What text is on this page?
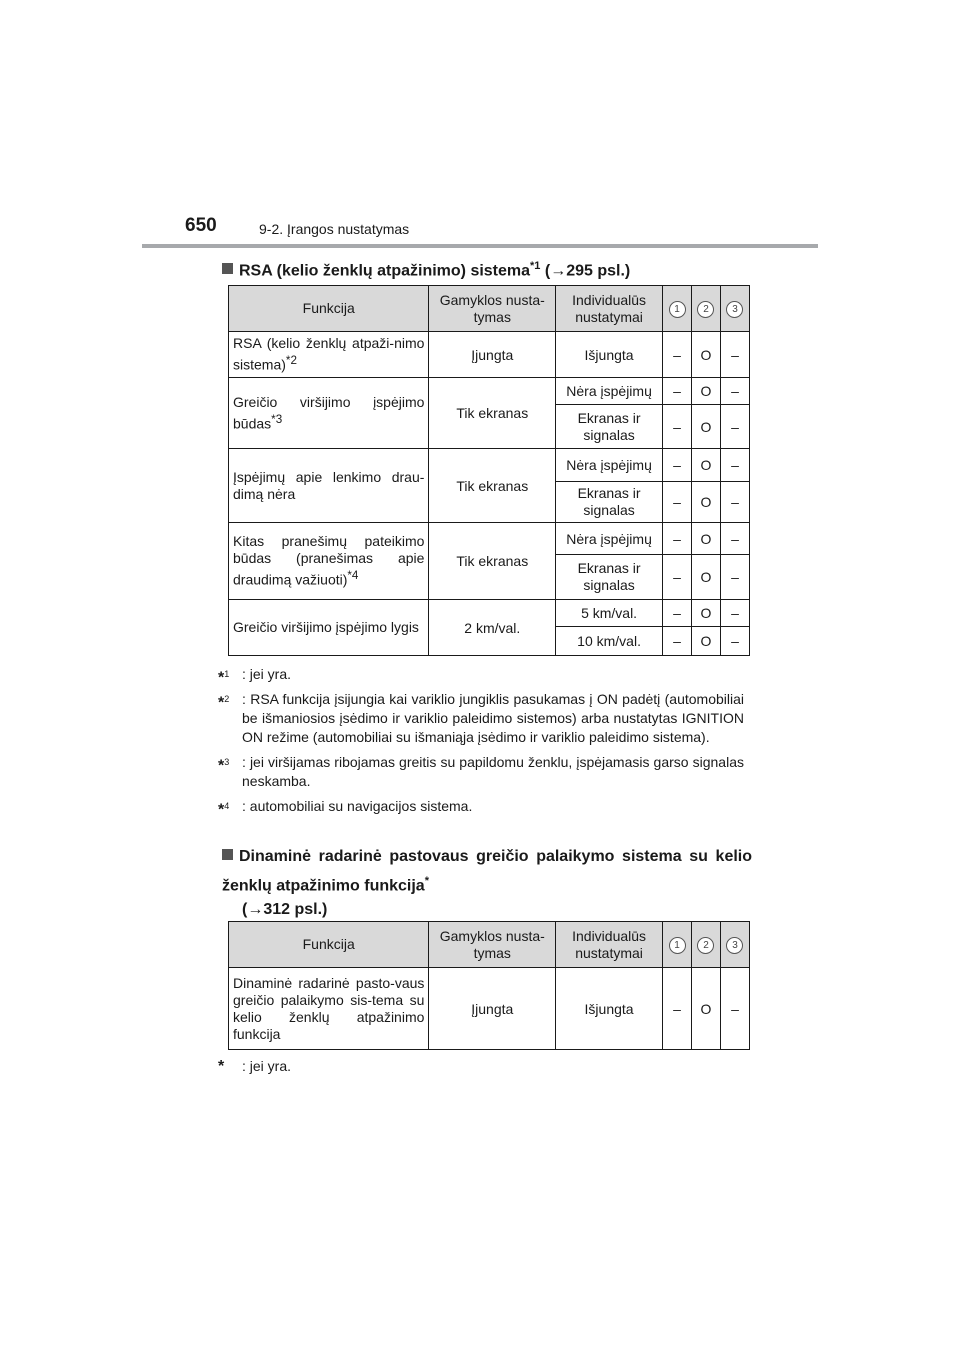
650	9-2. Įrangos nustatymas
RSA (kelio ženklų atpažinimo) sistema$^{*1}$ (→295 psl.)
Funkcija	Gamyklos nusta-tymas	Individualūs nustatymai	1	2	3
RSA (kelio ženklų atpaži-nimo sistema)$^{*2}$	Įjungta	Išjungta	–	O	–
Greičio viršijimo įspėjimo būdas$^{*3}$	Tik ekranas	Nėra įspėjimų	–	O	–
		Ekranas ir signalas	–	O	–
Įspėjimų apie lenkimo drau-dimą nėra	Tik ekranas	Nėra įspėjimų	–	O	–
		Ekranas ir signalas	–	O	–
Kitas pranešimų pateikimo būdas (pranešimas apie draudimą važiuoti)$^{*4}$	Tik ekranas	Nėra įspėjimų	–	O	–
		Ekranas ir signalas	–	O	–
Greičio viršijimo įspėjimo lygis	2 km/val.	5 km/val.	–	O	–
		10 km/val.	–	O	–
*$^1$ : jei yra.
*$^2$ : RSA funkcija įsijungia kai variklio jungiklis pasukamas į ON padėtį (automobiliai be išmaniosios įsėdimo ir variklio paleidimo sistemos) arba nustatytas IGNITION ON režime (automobiliai su išmaniąja įsėdimo ir variklio paleidimo sistema).
*$^3$ : jei viršijamas ribojamas greitis su papildomu ženklu, įspėjamasis garso signalas neskamba.
*$^4$ : automobiliai su navigacijos sistema.
Dinaminė radarinė pastovaus greičio palaikymo sistema su kelio ženklų atpažinimo funkcija*
(→312 psl.)
Funkcija	Gamyklos nusta-tymas	Individualūs nustatymai	1	2	3
Dinaminė radarinė pasto-vaus greičio palaikymo sis-tema su kelio ženklų atpažinimo funkcija	Įjungta	Išjungta	–	O	–
* : jei yra.
